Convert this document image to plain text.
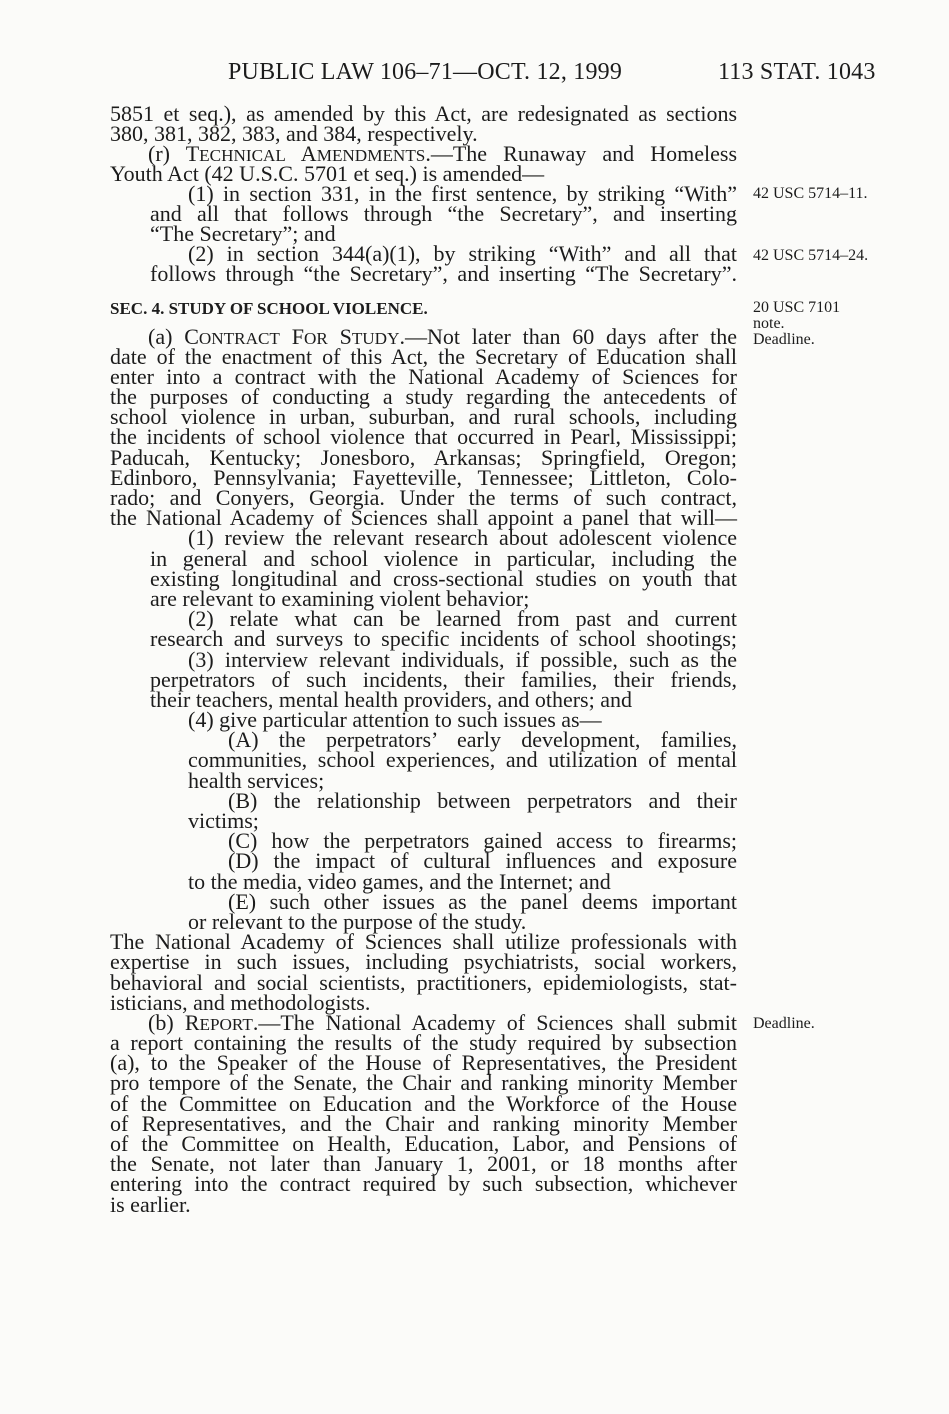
PUBLIC LAW 106–71—OCT. 12, 1999	113 STAT. 1043
5851 et seq.), as amended by this Act, are redesignated as sections
380, 381, 382, 383, and 384, respectively.
(r) TECHNICAL AMENDMENTS.—The Runaway and Homeless
Youth Act (42 U.S.C. 5701 et seq.) is amended—
(1) in section 331, in the first sentence, by striking “With”
and all that follows through “the Secretary”, and inserting
“The Secretary”; and
(2) in section 344(a)(1), by striking “With” and all that
follows through “the Secretary”, and inserting “The Secretary”.
42 USC 5714–11.
42 USC 5714–24.
SEC. 4. STUDY OF SCHOOL VIOLENCE.	20 USC 7101
note.
Deadline.
(a) CONTRACT FOR STUDY.—Not later than 60 days after the
date of the enactment of this Act, the Secretary of Education shall
enter into a contract with the National Academy of Sciences for
the purposes of conducting a study regarding the antecedents of
school violence in urban, suburban, and rural schools, including
the incidents of school violence that occurred in Pearl, Mississippi;
Paducah, Kentucky; Jonesboro, Arkansas; Springfield, Oregon;
Edinboro, Pennsylvania; Fayetteville, Tennessee; Littleton, Colo-
rado; and Conyers, Georgia. Under the terms of such contract,
the National Academy of Sciences shall appoint a panel that will—
(1) review the relevant research about adolescent violence
in general and school violence in particular, including the
existing longitudinal and cross-sectional studies on youth that
are relevant to examining violent behavior;
(2) relate what can be learned from past and current
research and surveys to specific incidents of school shootings;
(3) interview relevant individuals, if possible, such as the
perpetrators of such incidents, their families, their friends,
their teachers, mental health providers, and others; and
(4) give particular attention to such issues as—
(A) the perpetrators’ early development, families,
communities, school experiences, and utilization of mental
health services;
(B) the relationship between perpetrators and their
victims;
(C) how the perpetrators gained access to firearms;
(D) the impact of cultural influences and exposure
to the media, video games, and the Internet; and
(E) such other issues as the panel deems important
or relevant to the purpose of the study.
The National Academy of Sciences shall utilize professionals with
expertise in such issues, including psychiatrists, social workers,
behavioral and social scientists, practitioners, epidemiologists, stat-
isticians, and methodologists.
(b) REPORT.—The National Academy of Sciences shall submit
a report containing the results of the study required by subsection
(a), to the Speaker of the House of Representatives, the President
pro tempore of the Senate, the Chair and ranking minority Member
of the Committee on Education and the Workforce of the House
of Representatives, and the Chair and ranking minority Member
of the Committee on Health, Education, Labor, and Pensions of
the Senate, not later than January 1, 2001, or 18 months after
entering into the contract required by such subsection, whichever
is earlier.
Deadline.
